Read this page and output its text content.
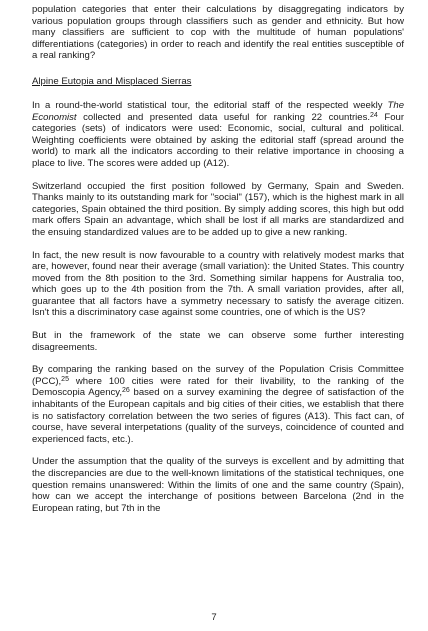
population categories that enter their calculations by disaggregating indicators by various population groups through classifiers such as gender and ethnicity. But how many classifiers are sufficient to cop with the multitude of human populations' differentiations (categories) in order to reach and identify the real entities susceptible of a real ranking?

Alpine Eutopia and Misplaced Sierras

In a round-the-world statistical tour, the editorial staff of the respected weekly The Economist collected and presented data useful for ranking 22 countries.$^{24}$ Four categories (sets) of indicators were used: Economic, social, cultural and political. Weighting coefficients were obtained by asking the editorial staff (spread around the world) to mark all the indicators according to their relative importance in choosing a place to live. The scores were added up (A12).

Switzerland occupied the first position followed by Germany, Spain and Sweden. Thanks mainly to its outstanding mark for "social" (157), which is the highest mark in all categories, Spain obtained the third position. By simply adding scores, this high but odd mark offers Spain an advantage, which shall be lost if all marks are standardized and the ensuing standardized values are to be added up to give a new ranking.

In fact, the new result is now favourable to a country with relatively modest marks that are, however, found near their average (small variation): the United States. This country moved from the 8th position to the 3rd. Something similar happens for Australia too, which goes up to the 4th position from the 7th. A small variation provides, after all, guarantee that all factors have a symmetry necessary to satisfy the average citizen. Isn't this a discriminatory case against some countries, one of which is the US?

But in the framework of the state we can observe some further interesting disagreements.

By comparing the ranking based on the survey of the Population Crisis Committee (PCC),$^{25}$ where 100 cities were rated for their livability, to the ranking of the Demoscopia Agency,$^{26}$ based on a survey examining the degree of satisfaction of the inhabitants of the European capitals and big cities of their cities, we establish that there is no satisfactory correlation between the two series of figures (A13). This fact can, of course, have several interpetations (quality of the surveys, coincidence of counted and experienced facts, etc.).

Under the assumption that the quality of the surveys is excellent and by admitting that the discrepancies are due to the well-known limitations of the statistical techniques, one question remains unanswered: Within the limits of one and the same country (Spain), how can we accept the interchange of positions between Barcelona (2nd in the European rating, but 7th in the

7
